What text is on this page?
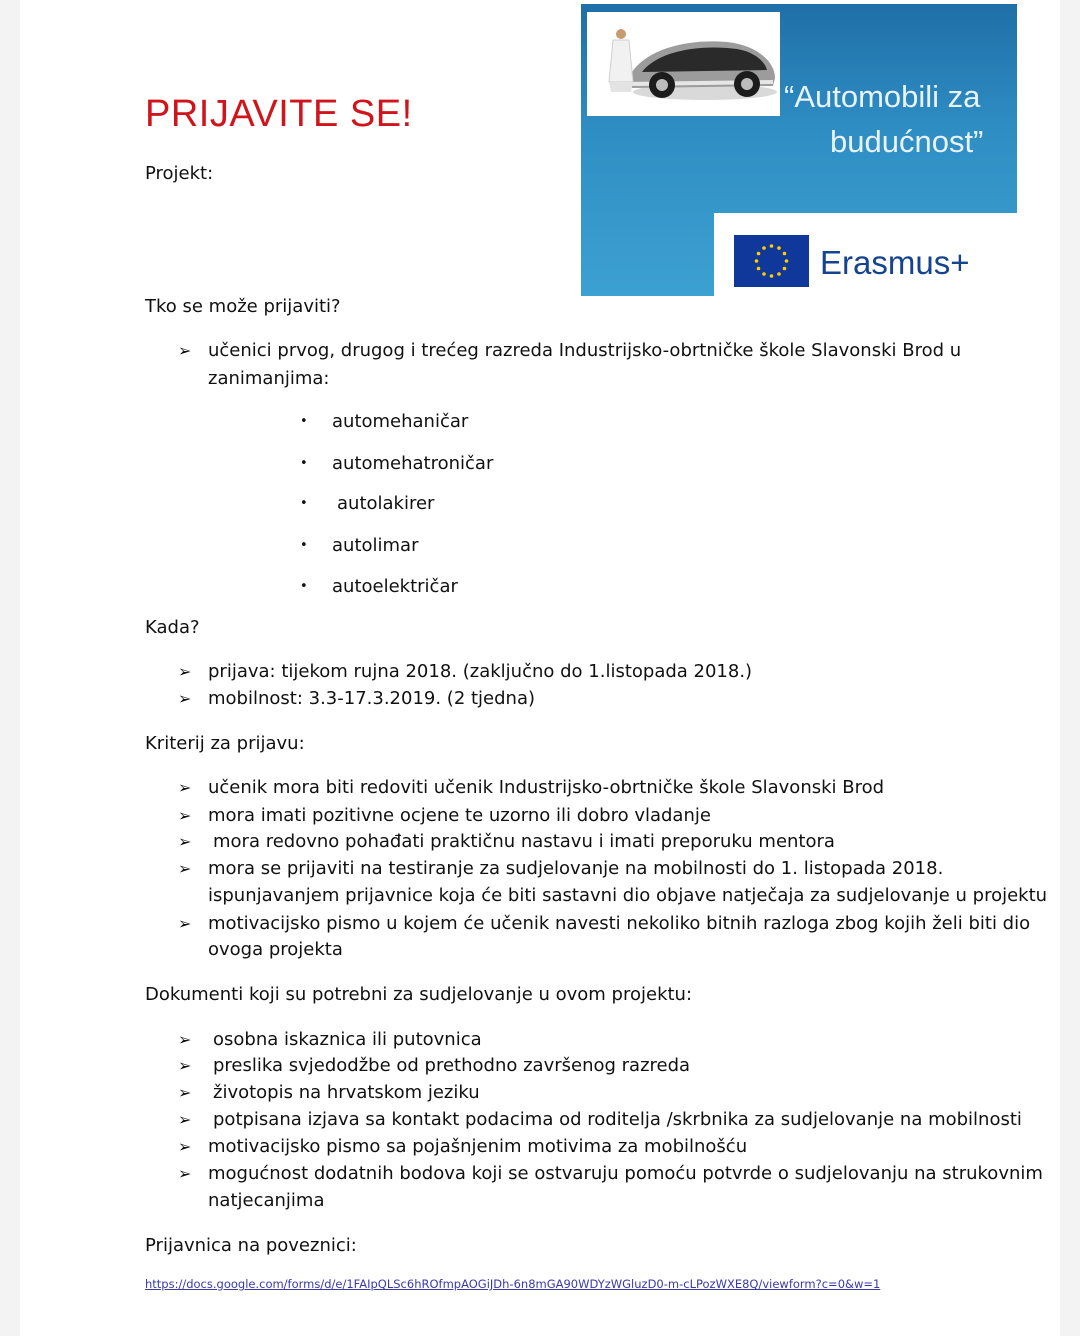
PRIJAVITE SE!

Projekt:

“Automobili za
budućnost”
Erasmus+

Tko se može prijaviti?

➢ učenici prvog, drugog i trećeg razreda Industrijsko-obrtničke škole Slavonski Brod u

zanimanjima:

• automehaničar

• automehatroničar

• autolakirer

• autolimar

• autoelektričar

Kada?

➢ prijava: tijekom rujna 2018. (zaključno do 1.listopada 2018.)

➢ mobilnost: 3.3-17.3.2019. (2 tjedna)

Kriterij za prijavu:

➢ učenik mora biti redoviti učenik Industrijsko-obrtničke škole Slavonski Brod

➢ mora imati pozitivne ocjene te uzorno ili dobro vladanje

➢ mora redovno pohađati praktičnu nastavu i imati preporuku mentora

➢ mora se prijaviti na testiranje za sudjelovanje na mobilnosti do 1. listopada 2018.

ispunjavanjem prijavnice koja će biti sastavni dio objave natječaja za sudjelovanje u projektu

➢ motivacijsko pismo u kojem će učenik navesti nekoliko bitnih razloga zbog kojih želi biti dio

ovoga projekta

Dokumenti koji su potrebni za sudjelovanje u ovom projektu:

➢ osobna iskaznica ili putovnica

➢ preslika svjedodžbe od prethodno završenog razreda

➢ životopis na hrvatskom jeziku

➢ potpisana izjava sa kontakt podacima od roditelja /skrbnika za sudjelovanje na mobilnosti

➢ motivacijsko pismo sa pojašnjenim motivima za mobilnošću

➢ mogućnost dodatnih bodova koji se ostvaruju pomoću potvrde o sudjelovanju na strukovnim

natjecanjima

Prijavnica na poveznici:

https://docs.google.com/forms/d/e/1FAIpQLSc6hROfmpAOGiJDh-6n8mGA90WDYzWGluzD0-m-cLPozWXE8Q/viewform?c=0&w=1
